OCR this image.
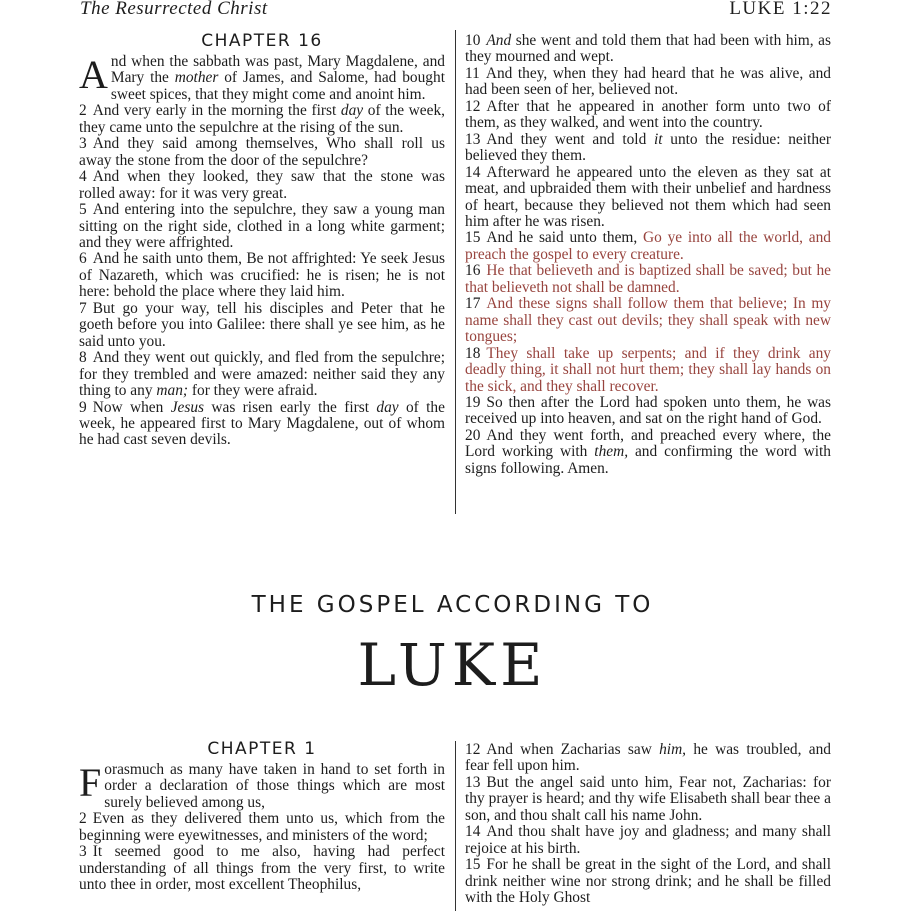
The Resurrected Christ	LUKE 1:22
CHAPTER 16

And when the sabbath was past, Mary Magdalene, and Mary the mother of James, and Salome, had bought sweet spices, that they might come and anoint him.

2 And very early in the morning the first day of the week, they came unto the sepulchre at the rising of the sun.

3 And they said among themselves, Who shall roll us away the stone from the door of the sepulchre?

4 And when they looked, they saw that the stone was rolled away: for it was very great.

5 And entering into the sepulchre, they saw a young man sitting on the right side, clothed in a long white garment; and they were affrighted.

6 And he saith unto them, Be not affrighted: Ye seek Jesus of Nazareth, which was crucified: he is risen; he is not here: behold the place where they laid him.

7 But go your way, tell his disciples and Peter that he goeth before you into Galilee: there shall ye see him, as he said unto you.

8 And they went out quickly, and fled from the sepulchre; for they trembled and were amazed: neither said they any thing to any man; for they were afraid.

9 Now when Jesus was risen early the first day of the week, he appeared first to Mary Magdalene, out of whom he had cast seven devils.

10 And she went and told them that had been with him, as they mourned and wept.

11 And they, when they had heard that he was alive, and had been seen of her, believed not.

12 After that he appeared in another form unto two of them, as they walked, and went into the country.

13 And they went and told it unto the residue: neither believed they them.

14 Afterward he appeared unto the eleven as they sat at meat, and upbraided them with their unbelief and hardness of heart, because they believed not them which had seen him after he was risen.

15 And he said unto them, Go ye into all the world, and preach the gospel to every creature.

16 He that believeth and is baptized shall be saved; but he that believeth not shall be damned.

17 And these signs shall follow them that believe; In my name shall they cast out devils; they shall speak with new tongues;

18 They shall take up serpents; and if they drink any deadly thing, it shall not hurt them; they shall lay hands on the sick, and they shall recover.

19 So then after the Lord had spoken unto them, he was received up into heaven, and sat on the right hand of God.

20 And they went forth, and preached every where, the Lord working with them, and confirming the word with signs following. Amen.

THE GOSPEL ACCORDING TO
LUKE
CHAPTER 1

Forasmuch as many have taken in hand to set forth in order a declaration of those things which are most surely believed among us,

2 Even as they delivered them unto us, which from the beginning were eyewitnesses, and ministers of the word;

3 It seemed good to me also, having had perfect understanding of all things from the very first, to write unto thee in order, most excellent Theophilus,

12 And when Zacharias saw him, he was troubled, and fear fell upon him.

13 But the angel said unto him, Fear not, Zacharias: for thy prayer is heard; and thy wife Elisabeth shall bear thee a son, and thou shalt call his name John.

14 And thou shalt have joy and gladness; and many shall rejoice at his birth.

15 For he shall be great in the sight of the Lord, and shall drink neither wine nor strong drink; and he shall be filled with the Holy Ghost
